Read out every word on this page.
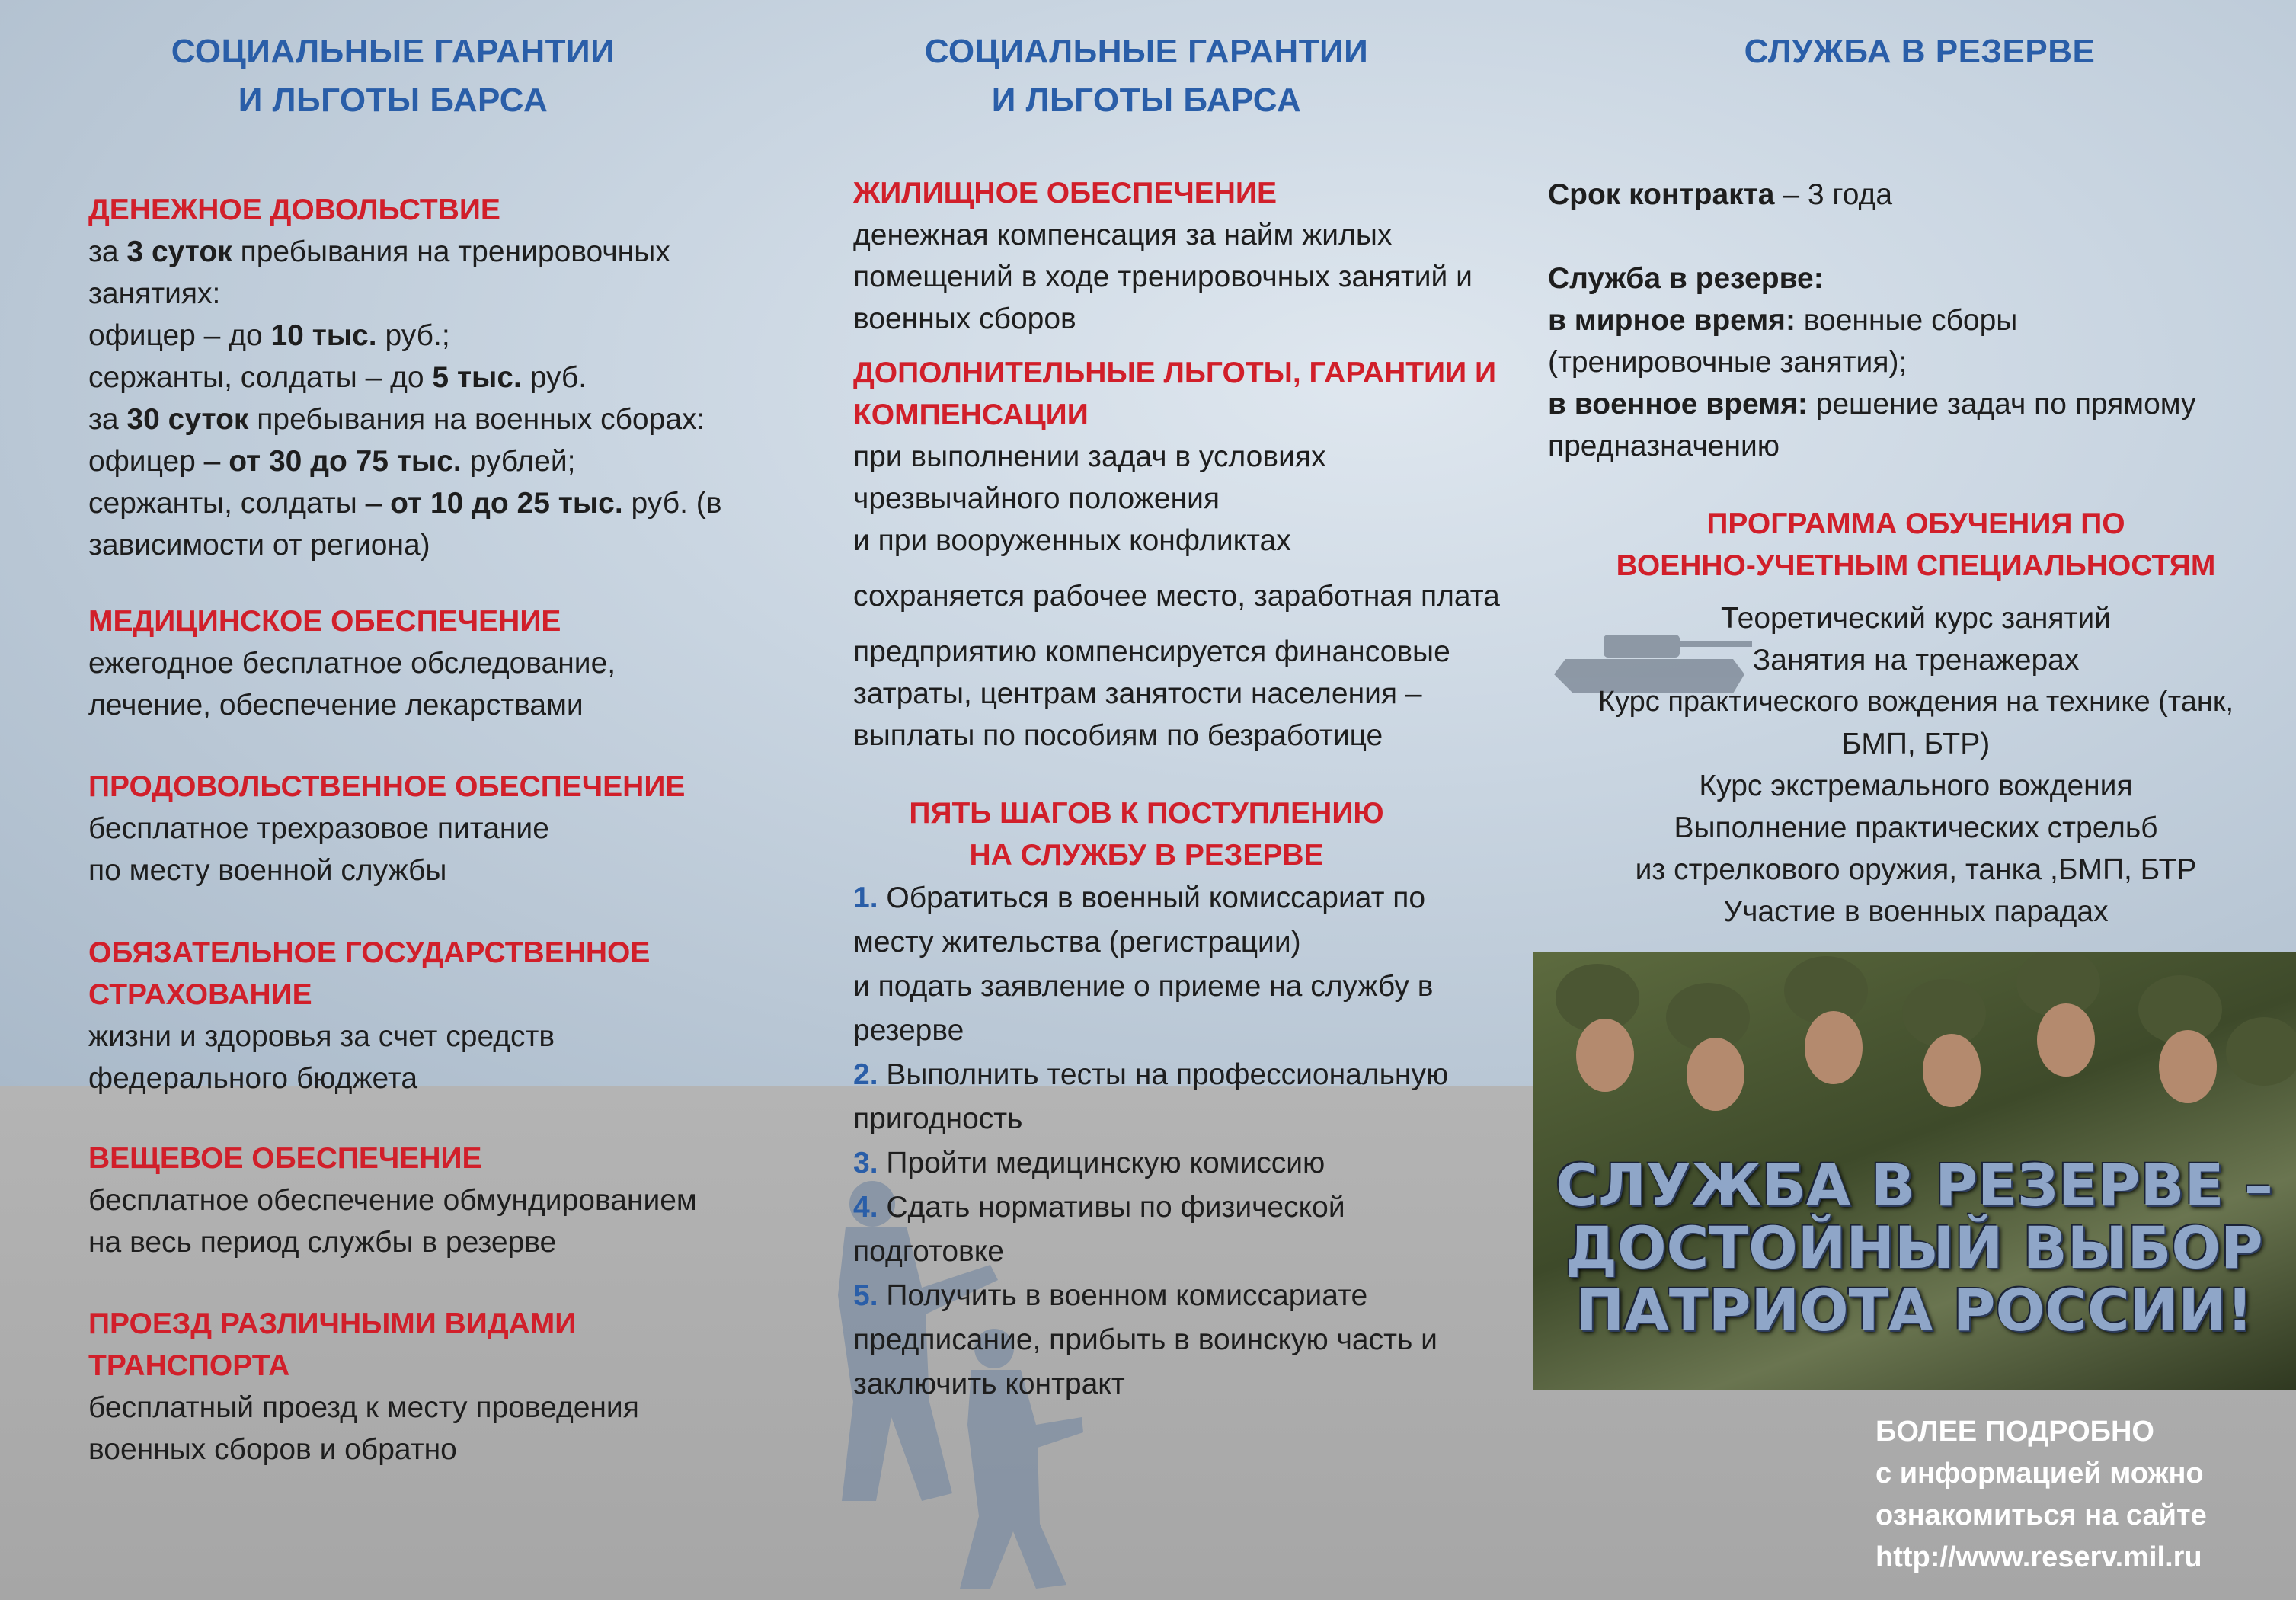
СОЦИАЛЬНЫЕ ГАРАНТИИ
И ЛЬГОТЫ БАРСА
ДЕНЕЖНОЕ ДОВОЛЬСТВИЕ
за 3 суток пребывания на тренировочных
занятиях:
офицер – до 10 тыс. руб.;
сержанты, солдаты – до 5 тыс. руб.
за 30 суток пребывания на военных сборах:
офицер – от 30 до 75 тыс. рублей;
сержанты, солдаты – от 10 до 25 тыс. руб. (в
зависимости от региона)
МЕДИЦИНСКОЕ ОБЕСПЕЧЕНИЕ
ежегодное бесплатное обследование,
лечение, обеспечение лекарствами
ПРОДОВОЛЬСТВЕННОЕ ОБЕСПЕЧЕНИЕ
бесплатное трехразовое питание
по месту военной службы
ОБЯЗАТЕЛЬНОЕ ГОСУДАРСТВЕННОЕ
СТРАХОВАНИЕ
жизни и здоровья за счет средств
федерального бюджета
ВЕЩЕВОЕ ОБЕСПЕЧЕНИЕ
бесплатное обеспечение обмундированием
на весь период службы в резерве
ПРОЕЗД РАЗЛИЧНЫМИ ВИДАМИ
ТРАНСПОРТА
бесплатный проезд к месту проведения
военных сборов и обратно
СОЦИАЛЬНЫЕ ГАРАНТИИ
И ЛЬГОТЫ БАРСА
ЖИЛИЩНОЕ ОБЕСПЕЧЕНИЕ
денежная компенсация за найм жилых
помещений в ходе тренировочных занятий и
военных сборов
ДОПОЛНИТЕЛЬНЫЕ ЛЬГОТЫ, ГАРАНТИИ И
КОМПЕНСАЦИИ
при выполнении задач в условиях
чрезвычайного положения
и при вооруженных конфликтах
сохраняется рабочее место, заработная плата
предприятию компенсируется финансовые
затраты, центрам занятости населения –
выплаты по пособиям по безработице
ПЯТЬ ШАГОВ К ПОСТУПЛЕНИЮ
НА СЛУЖБУ В РЕЗЕРВЕ
1. Обратиться в военный комиссариат по
месту жительства (регистрации)
и подать заявление о приеме на службу в
резерве
2. Выполнить тесты на профессиональную
пригодность
3. Пройти медицинскую комиссию
4. Сдать нормативы по физической
подготовке
5. Получить в военном комиссариате
предписание, прибыть в воинскую часть и
заключить контракт
СЛУЖБА В РЕЗЕРВЕ
Срок контракта – 3 года
Служба в резерве:
в мирное время: военные сборы
(тренировочные занятия);
в военное время: решение задач по прямому
предназначению
ПРОГРАММА ОБУЧЕНИЯ ПО
ВОЕННО-УЧЕТНЫМ СПЕЦИАЛЬНОСТЯМ
Теоретический курс занятий
Занятия на тренажерах
Курс практического вождения на технике (танк,
БМП, БТР)
Курс экстремального вождения
Выполнение практических стрельб
из стрелкового оружия, танка ,БМП, БТР
Участие в военных парадах
СЛУЖБА В РЕЗЕРВЕ –
ДОСТОЙНЫЙ ВЫБОР
ПАТРИОТА РОССИИ!
БОЛЕЕ ПОДРОБНО
с информацией можно
ознакомиться на сайте
http://www.reserv.mil.ru
